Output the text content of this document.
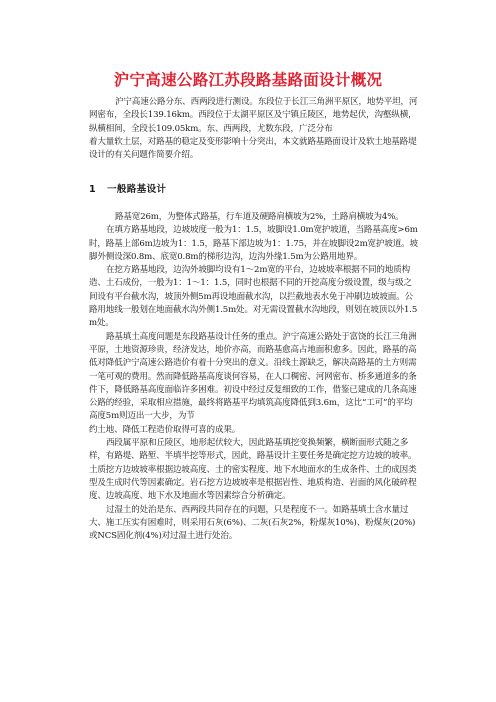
沪宁高速公路江苏段路基路面设计概况

沪宁高速公路分东、西两段进行测设。东段位于长江三角洲平原区，地势平坦，河网密布，全段长139.16km。西段位于太湖平原区及宁镇丘陵区，地势起伏，沟壑纵横，纵横相间，全段长109.05km。东、西两段，尤数东段，广泛分布

着大量软土层，对路基的稳定及变形影响十分突出，本文就路基路面设计及软土地基路堤设计的有关问题作简要介绍。

1 一般路基设计

路基宽26m，为整体式路基，行车道及硬路肩横坡为2%，土路肩横坡为4%。

在填方路基地段，边坡坡度一般为1：1.5，坡脚设1.0m宽护坡道，当路基高度>6m时，路基上部6m边坡为1：1.5，路基下部边坡为1：1.75，并在坡脚设2m宽护坡道。坡脚外侧设深0.8m、底宽0.8m的梯形边沟，边沟外缘1.5m为公路用地界。

在挖方路基地段，边沟外坡脚均设有1～2m宽的平台，边坡坡率根据不同的地质构造、土石成份，一般为1：1～1：1.5，同时也根据不同的开挖高度分级设置，级与级之间设有平台截水沟，坡顶外侧5m再设地面截水沟，以拦截地表水免于冲刷边坡坡面。公路用地线一般划在地面截水沟外侧1.5m处。对无需设置截水沟地段，则划在坡顶以外1.5m处。

路基填土高度问题是东段路基设计任务的重点。沪宁高速公路处于富饶的长江三角洲平原，土地资源珍贵，经济发达，地价亦高，而路基愈高占地面积愈多。因此，路基的高低对降低沪宁高速公路造价有着十分突出的意义。沿线土源缺乏，解决高路基的土方则需一笔可观的费用。然而降低路基高度谈何容易，在人口稠密、河网密布、桥多通道多的条件下，降低路基高度面临许多困难。初设中经过反复细致的工作，借鉴已建成的几条高速公路的经验，采取相应措施，最终将路基平均填筑高度降低到3.6m，这比“工可”的平均高度5m则迈出一大步，为节

约土地、降低工程造价取得可喜的成果。

西段属平原和丘陵区，地形起伏较大，因此路基填挖变换频繁，横断面形式随之多样，有路堤、路堑、半填半挖等形式，因此，路基设计主要任务是确定挖方边坡的坡率。土质挖方边坡坡率根据边坡高度、土的密实程度、地下水地面水的生成条件、土的成因类型及生成时代等因素确定。岩石挖方边坡坡率是根据岩性、地质构造、岩面的风化破碎程度、边坡高度、地下水及地面水等因素综合分析确定。

过湿土的处治是东、西两段共同存在的问题，只是程度不一。如路基填土含水量过大、施工压实有困难时，则采用石灰(6%)、二灰(石灰2%，粉煤灰10%)、粉煤灰(20%)或NCS固化剂(4%)对过湿土进行处治。
